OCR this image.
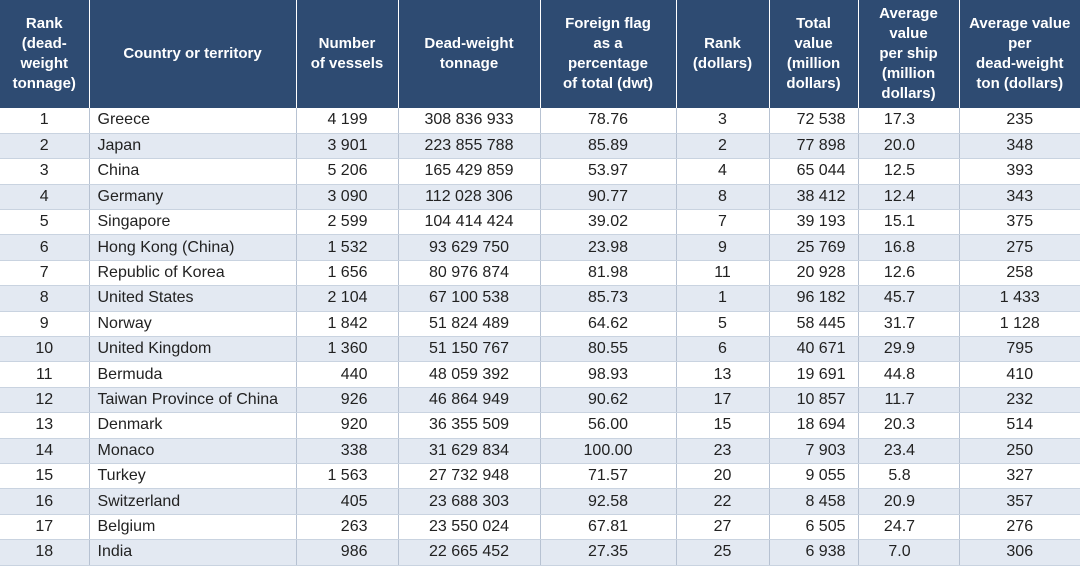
Rank
(dead-
weight
tonnage)	Country or territory	Number
of vessels	Dead-weight
tonnage	Foreign flag
as a
percentage
of total (dwt)	Rank
(dollars)	Total
value
(million
dollars)	Average
value
per ship
(million
dollars)	Average value
per
dead-weight
ton (dollars)
1	Greece	4 199	308 836 933	78.76	3	72 538	17.3	235
2	Japan	3 901	223 855 788	85.89	2	77 898	20.0	348
3	China	5 206	165 429 859	53.97	4	65 044	12.5	393
4	Germany	3 090	112 028 306	90.77	8	38 412	12.4	343
5	Singapore	2 599	104 414 424	39.02	7	39 193	15.1	375
6	Hong Kong (China)	1 532	93 629 750	23.98	9	25 769	16.8	275
7	Republic of Korea	1 656	80 976 874	81.98	11	20 928	12.6	258
8	United States	2 104	67 100 538	85.73	1	96 182	45.7	1 433
9	Norway	1 842	51 824 489	64.62	5	58 445	31.7	1 128
10	United Kingdom	1 360	51 150 767	80.55	6	40 671	29.9	795
11	Bermuda	440	48 059 392	98.93	13	19 691	44.8	410
12	Taiwan Province of China	926	46 864 949	90.62	17	10 857	11.7	232
13	Denmark	920	36 355 509	56.00	15	18 694	20.3	514
14	Monaco	338	31 629 834	100.00	23	7 903	23.4	250
15	Turkey	1 563	27 732 948	71.57	20	9 055	5.8	327
16	Switzerland	405	23 688 303	92.58	22	8 458	20.9	357
17	Belgium	263	23 550 024	67.81	27	6 505	24.7	276
18	India	986	22 665 452	27.35	25	6 938	7.0	306
